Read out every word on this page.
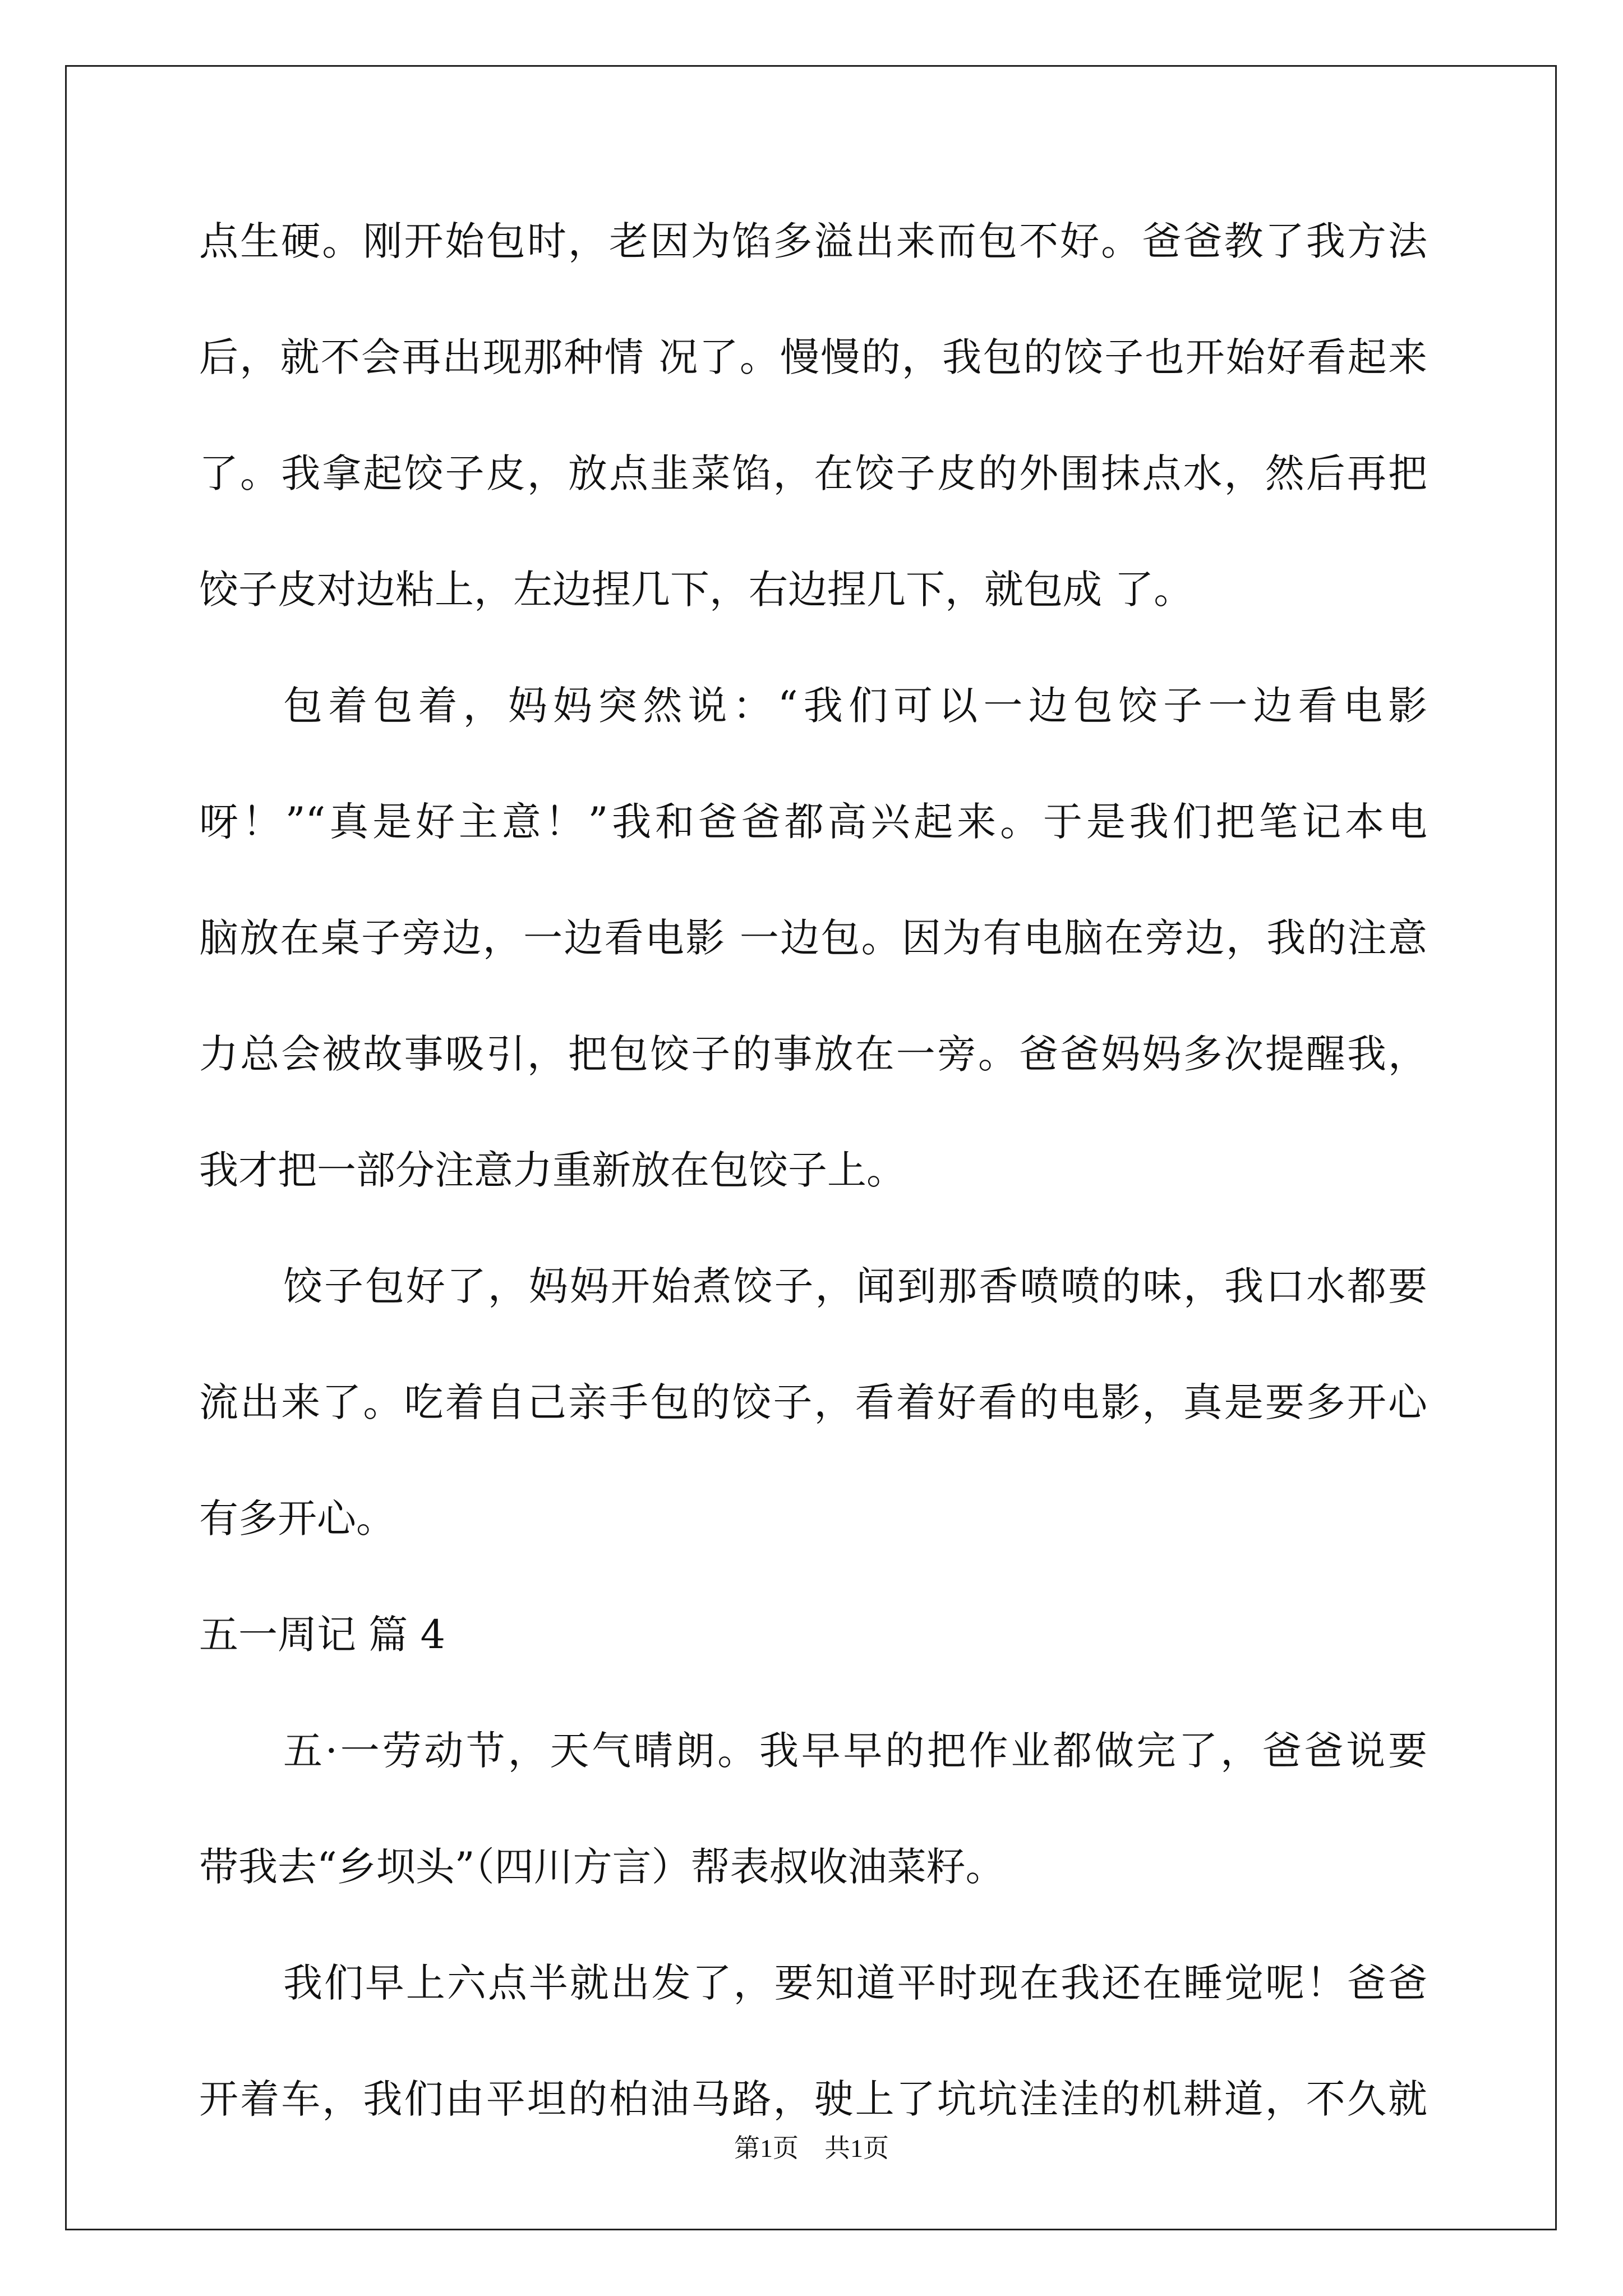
点生硬。刚开始包时，老因为馅多溢出来而包不好。爸爸教了我方法
后，就不会再出现那种情 况了。慢慢的，我包的饺子也开始好看起来
了。我拿起饺子皮，放点韭菜馅，在饺子皮的外围抹点水，然后再把
饺子皮对边粘上，左边捏几下，右边捏几下，就包成 了。
包着包着，妈妈突然说：“我们可以一边包饺子一边看电影
呀！”“真是好主意！”我和爸爸都高兴起来。于是我们把笔记本电
脑放在桌子旁边，一边看电影 一边包。因为有电脑在旁边，我的注意
力总会被故事吸引，把包饺子的事放在一旁。爸爸妈妈多次提醒我，
我才把一部分注意力重新放在包饺子上。
饺子包好了，妈妈开始煮饺子，闻到那香喷喷的味，我口水都要
流出来了。吃着自己亲手包的饺子，看着好看的电影，真是要多开心
有多开心。
五一周记 篇 4
五·一劳动节，天气晴朗。我早早的把作业都做完了，爸爸说要
带我去“乡坝头”（四川方言）帮表叔收油菜籽。
我们早上六点半就出发了，要知道平时现在我还在睡觉呢！爸爸
开着车，我们由平坦的柏油马路，驶上了坑坑洼洼的机耕道，不久就
第1页　共1页
